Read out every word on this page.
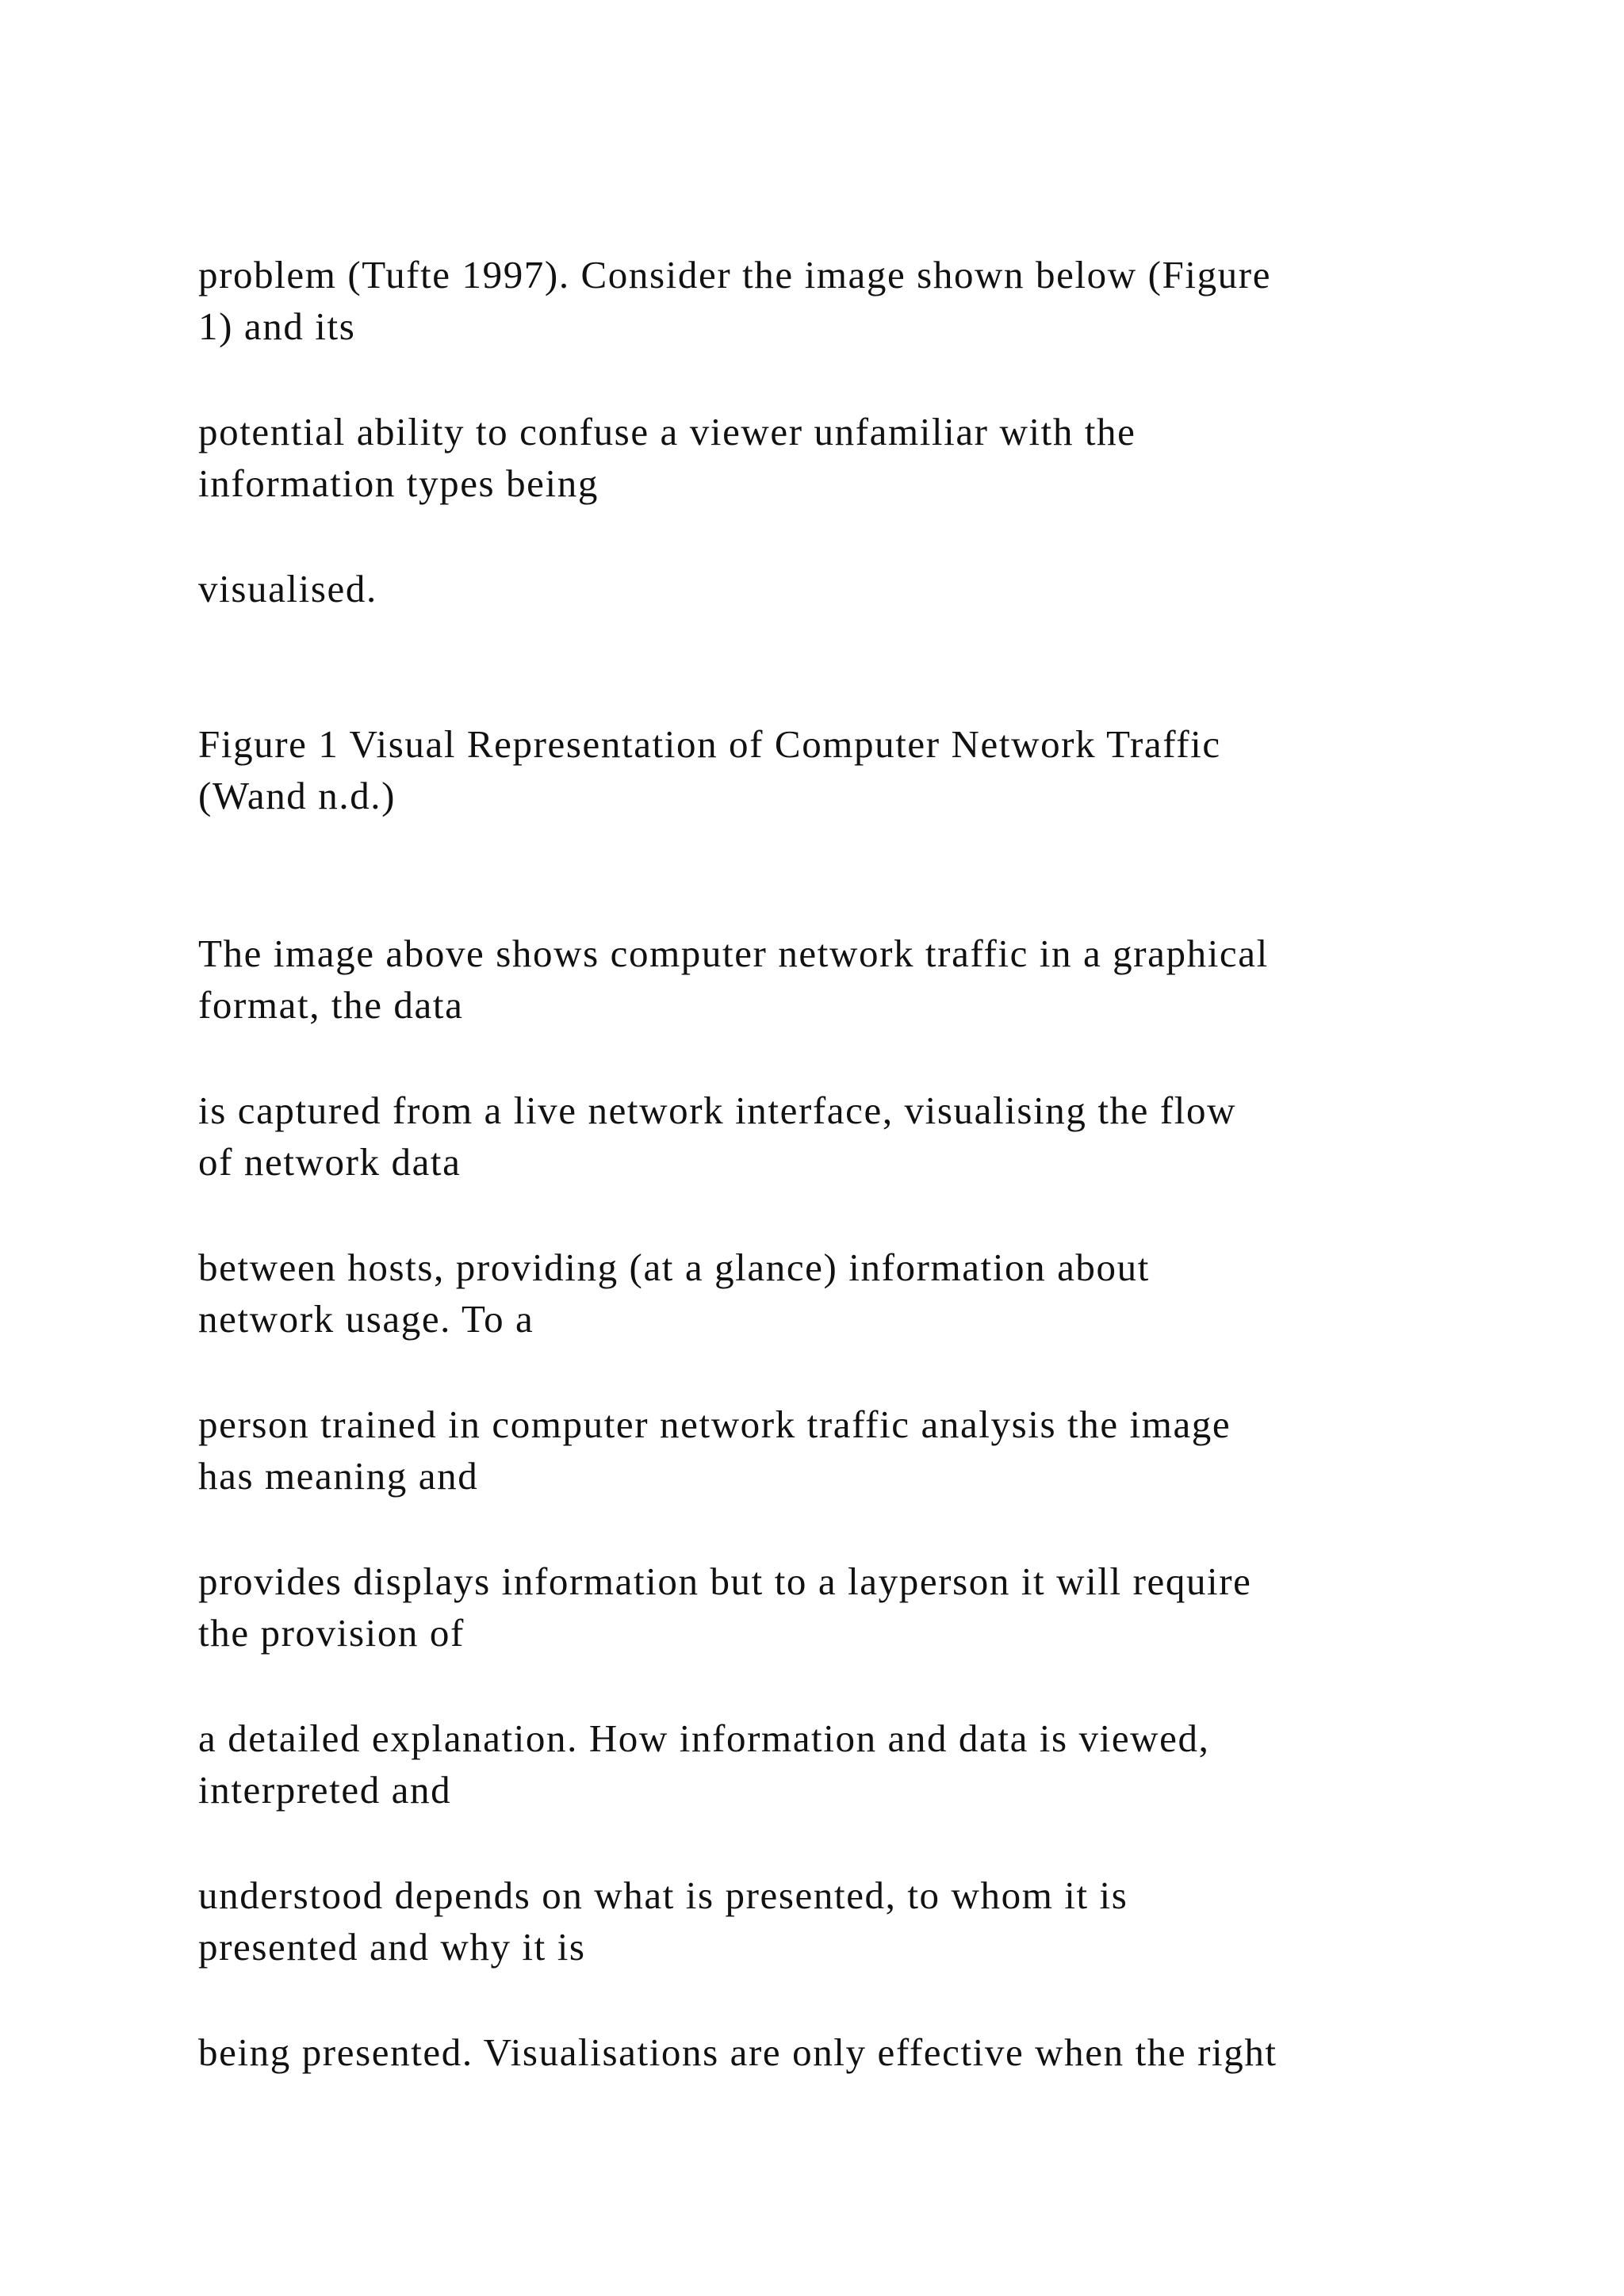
problem (Tufte 1997). Consider the image shown below (Figure
1) and its
potential ability to confuse a viewer unfamiliar with the
information types being
visualised.
Figure 1 Visual Representation of Computer Network Traffic
(Wand n.d.)
The image above shows computer network traffic in a graphical
format, the data
is captured from a live network interface, visualising the flow
of network data
between hosts, providing (at a glance) information about
network usage. To a
person trained in computer network traffic analysis the image
has meaning and
provides displays information but to a layperson it will require
the provision of
a detailed explanation. How information and data is viewed,
interpreted and
understood depends on what is presented, to whom it is
presented and why it is
being presented. Visualisations are only effective when the right
